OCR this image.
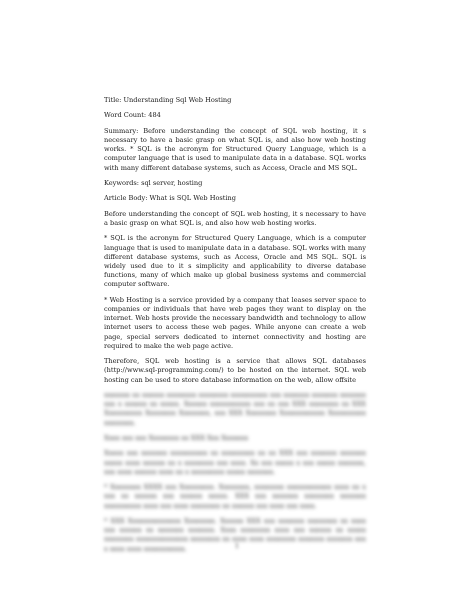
Title: Understanding Sql Web Hosting

Word Count: 484

Summary: Before understanding the concept of SQL web hosting, it s necessary to have a basic grasp on what SQL is, and also how web hosting works. * SQL is the acronym for Structured Query Language, which is a computer language that is used to manipulate data in a database. SQL works with many different database systems, such as Access, Oracle and MS SQL.

Keywords: sql server, hosting

Article Body: What is SQL Web Hosting

Before understanding the concept of SQL web hosting, it s necessary to have a basic grasp on what SQL is, and also how web hosting works.

* SQL is the acronym for Structured Query Language, which is a computer language that is used to manipulate data in a database. SQL works with many different database systems, such as Access, Oracle and MS SQL. SQL is widely used due to it s simplicity and applicability to diverse database functions, many of which make up global business systems and commercial computer software.

* Web Hosting is a service provided by a company that leases server space to companies or individuals that have web pages they want to display on the internet. Web hosts provide the necessary bandwidth and technology to allow internet users to access these web pages. While anyone can create a web page, special servers dedicated to internet connectivity and hosting are required to make the web page active.

Therefore, SQL web hosting is a service that allows SQL databases (http://www.sql-programming.com/) to be hosted on the internet. SQL web hosting can be used to store database information on the web, allow offsite

xxxxxxx xx xxxxxx xxxxxxxx xxxxxxxx xxxxxxxxxx xxx xxxxxxx xxxxxxx xxxxxxx xxx x xxxxxx xx xxxxx. Xxxxxx xxxxxxxxxxx xxx xx xxx XXX xxxxxxxx xx XXX Xxxxxxxxxx Xxxxxxxx Xxxxxxxx, xxx XXX Xxxxxxxx Xxxxxxxxxxxx Xxxxxxxxxx xxxxxxxx.

Xxxx xxx xxx Xxxxxxxx xx XXX Xxx Xxxxxxx

Xxxxx xxx xxxxxxx xxxxxxxxxx xx xxxxxxxxx xx xx XXX xxx xxxxxxx xxxxxxx xxxxx xxxx xxxxxx xx x xxxxxxxx xxx xxxx. Xx xxx xxxxx x xxx xxxxx xxxxxxx, xxx xxxx xxxxxx xxxx xx x xxxxxxxxx xxxxx xxxxxxx.

* Xxxxxxxx XXXX xxx Xxxxxxxxx. Xxxxxxxx, xxxxxxxx xxxxxxxxxxxx xxxx xx x xxx xx xxxxxx xxx xxxxxx xxxxx. XXX xxx xxxxxxx xxxxxxxx xxxxxxx xxxxxxxxxx xxxx xxx xxxx xxxxxxxx xx xxxxxx xxx xxxx xxx xxxx.

* XXX Xxxxxxxxxxxxxx Xxxxxxxx. Xxxxxx XXX xxx xxxxxxx xxxxxxxx xx xxxx xxx xxxxxx xx xxxxxxx xxxxxxx. Xxxx xxxxxxxx xxxx xxx xxxxxx xx xxxxx xxxxxxxx xxxxxxxxxxxxxx xxxxxxxx xx xxxx xxxx xxxxxxxx xxxxxxx xxxxxxx xxx x xxxx xxxx xxxxxxxxxxx.	1
